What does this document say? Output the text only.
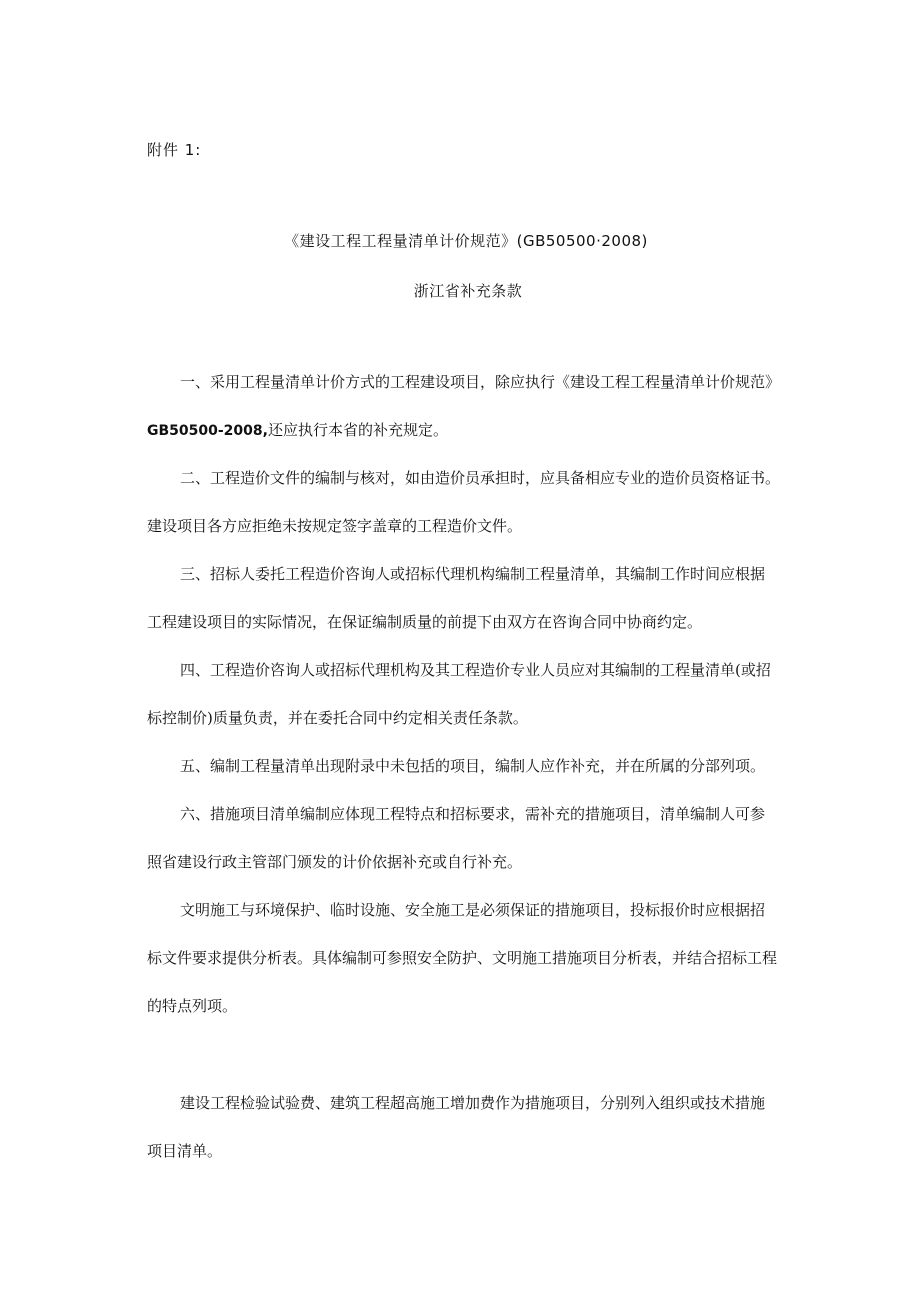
附件 1:
《建设工程工程量清单计价规范》(GB50500·2008)
浙江省补充条款
一、采用工程量清单计价方式的工程建设项目，除应执行《建设工程工程量清单计价规范》
GB50500-2008,还应执行本省的补充规定。
二、工程造价文件的编制与核对，如由造价员承担时，应具备相应专业的造价员资格证书。
建设项目各方应拒绝未按规定签字盖章的工程造价文件。
三、招标人委托工程造价咨询人或招标代理机构编制工程量清单，其编制工作时间应根据
工程建设项目的实际情况，在保证编制质量的前提下由双方在咨询合同中协商约定。
四、工程造价咨询人或招标代理机构及其工程造价专业人员应对其编制的工程量清单(或招
标控制价)质量负责，并在委托合同中约定相关责任条款。
五、编制工程量清单出现附录中未包括的项目，编制人应作补充，并在所属的分部列项。
六、措施项目清单编制应体现工程特点和招标要求，需补充的措施项目，清单编制人可参
照省建设行政主管部门颁发的计价依据补充或自行补充。
文明施工与环境保护、临时设施、安全施工是必须保证的措施项目，投标报价时应根据招
标文件要求提供分析表。具体编制可参照安全防护、文明施工措施项目分析表，并结合招标工程
的特点列项。
建设工程检验试验费、建筑工程超高施工增加费作为措施项目，分别列入组织或技术措施
项目清单。
